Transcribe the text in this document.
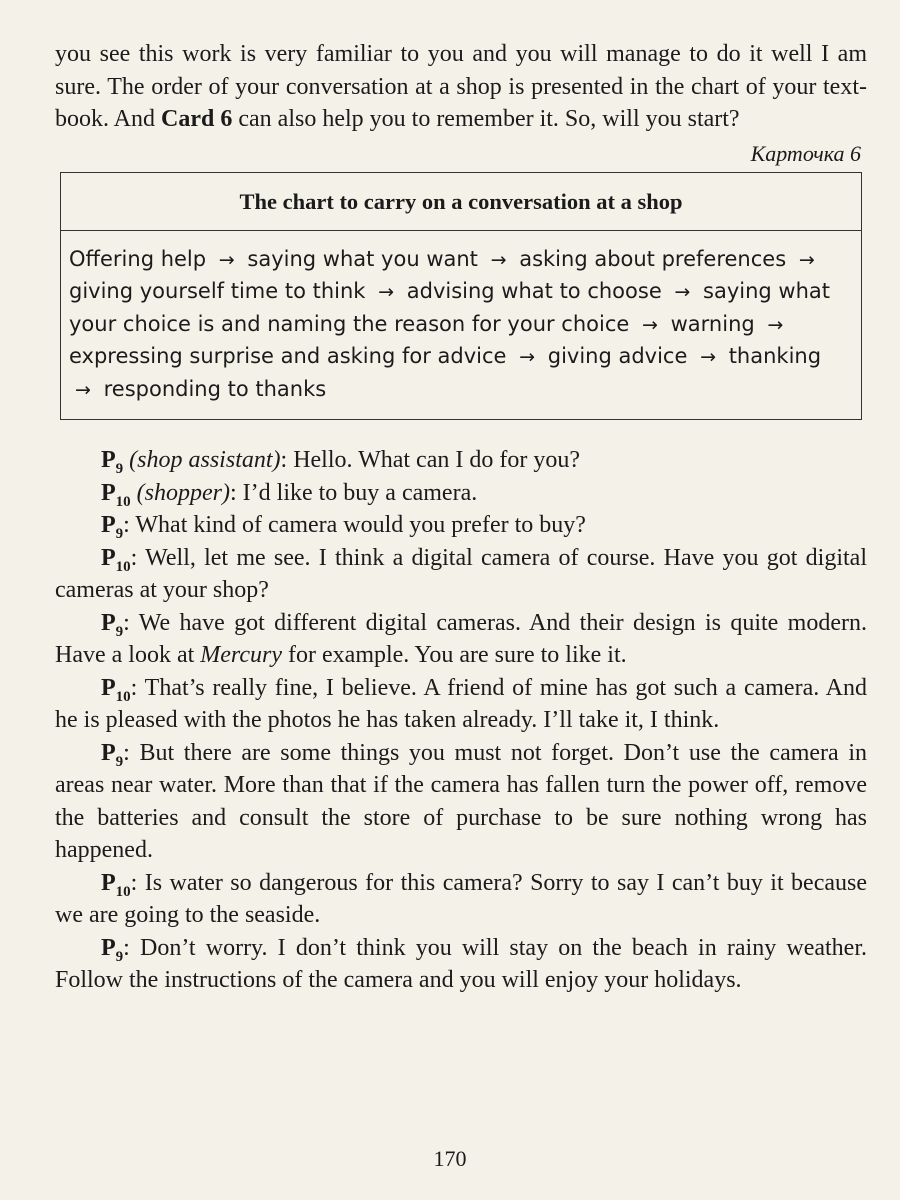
you see this work is very familiar to you and you will manage to do it well I am sure. The order of your conversation at a shop is presented in the chart of your text-book. And Card 6 can also help you to remember it. So, will you start?

Карточка 6
The chart to carry on a conversation at a shop
Offering help → saying what you want → asking about preferences → giving yourself time to think → advising what to choose → saying what your choice is and naming the reason for your choice → warning → expressing surprise and asking for advice → giving advice → thanking → responding to thanks

$P_9$ (shop assistant): Hello. What can I do for you?

$P_{10}$ (shopper): I’d like to buy a camera.

$P_9$: What kind of camera would you prefer to buy?

$P_{10}$: Well, let me see. I think a digital camera of course. Have you got digital cameras at your shop?

$P_9$: We have got different digital cameras. And their design is quite modern. Have a look at Mercury for example. You are sure to like it.

$P_{10}$: That’s really fine, I believe. A friend of mine has got such a camera. And he is pleased with the photos he has taken already. I’ll take it, I think.

$P_9$: But there are some things you must not forget. Don’t use the camera in areas near water. More than that if the camera has fallen turn the power off, remove the batteries and consult the store of purchase to be sure nothing wrong has happened.

$P_{10}$: Is water so dangerous for this camera? Sorry to say I can’t buy it because we are going to the seaside.

$P_9$: Don’t worry. I don’t think you will stay on the beach in rainy weather. Follow the instructions of the camera and you will enjoy your holidays.

170
